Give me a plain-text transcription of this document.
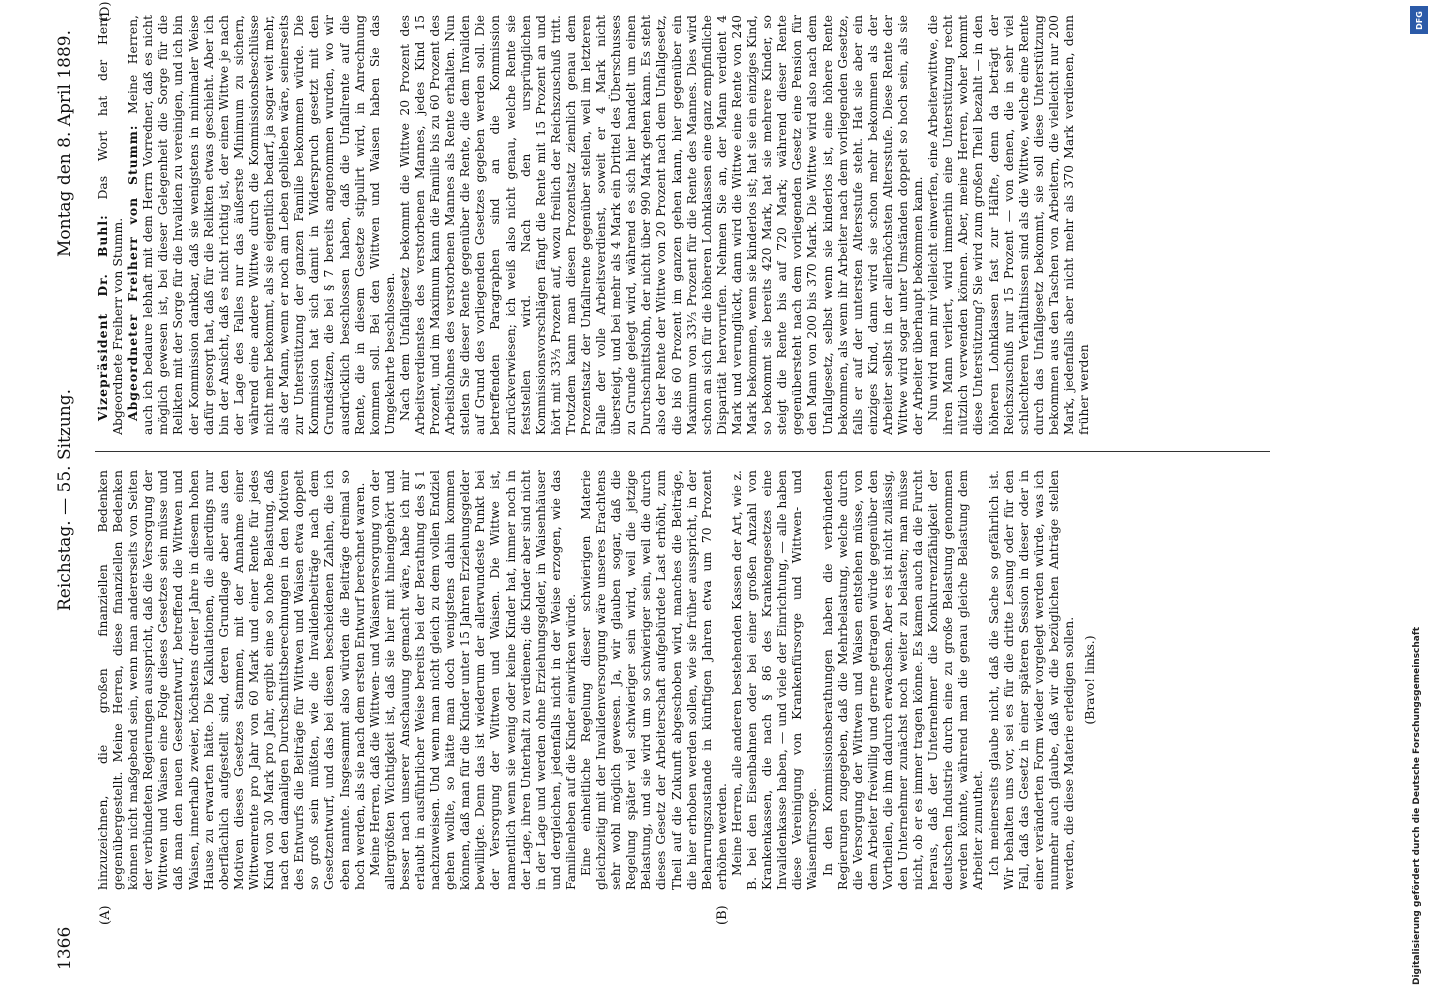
1366
Reichstag. — 55. Sitzung.
Montag den 8. April 1889.
(A)	(B)
(D)

hinzuzeichnen, die großen finanziellen Bedenken gegenübergestellt. Meine Herren, diese finanziellen Bedenken können nicht maßgebend sein, wenn man andererseits von Seiten der verbündeten Regierungen ausspricht, daß die Versorgung der Wittwen und Waisen eine Folge dieses Gesetzes sein müsse und daß man den neuen Gesetzentwurf, betreffend die Wittwen und Waisen, innerhalb zweier, höchstens dreier Jahre in diesem hohen Hause zu erwarten hätte. Die Kalkulationen, die allerdings nur oberflächlich aufgestellt sind, deren Grundlage aber aus den Motiven dieses Gesetzes stammen, mit der Annahme einer Wittwenrente pro Jahr von 60 Mark und einer Rente für jedes Kind von 30 Mark pro Jahr, ergibt eine so hohe Belastung, daß nach den damaligen Durchschnittsberechnungen in den Motiven des Entwurfs die Beiträge für Wittwen und Waisen etwa doppelt so groß sein müßten, wie die Invalidenbeiträge nach dem Gesetzentwurf, und das bei diesen bescheidenen Zahlen, die ich eben nannte. Insgesammt also würden die Beiträge dreimal so hoch werden, als sie nach dem ersten Entwurf berechnet waren. Meine Herren, daß die Wittwen- und Waisenversorgung von der allergrößten Wichtigkeit ist, daß sie hier mit hineingehört und besser nach unserer Anschauung gemacht wäre, habe ich mir erlaubt in ausführlicher Weise bereits bei der Berathung des § 1 nachzuweisen. Und wenn man nicht gleich zu dem vollen Endziel gehen wollte, so hätte man doch wenigstens dahin kommen können, daß man für die Kinder unter 15 Jahren Erziehungsgelder bewilligte. Denn das ist wiederum der allerwundeste Punkt bei der Versorgung der Wittwen und Waisen. Die Wittwe ist, namentlich wenn sie wenig oder keine Kinder hat, immer noch in der Lage, ihren Unterhalt zu verdienen; die Kinder aber sind nicht in der Lage und werden ohne Erziehungsgelder, in Waisenhäuser und dergleichen, jedenfalls nicht in der Weise erzogen, wie das Familienleben auf die Kinder einwirken würde. Eine einheitliche Regelung dieser schwierigen Materie gleichzeitig mit der Invalidenversorgung wäre unseres Erachtens sehr wohl möglich gewesen. Ja, wir glauben sogar, daß die Regelung später viel schwieriger sein wird, weil die jetzige Belastung, und sie wird um so schwieriger sein, weil die durch dieses Gesetz der Arbeiterschaft aufgebürdete Last erhöht, zum Theil auf die Zukunft abgeschoben wird, manches die Beiträge, die hier erhoben werden sollen, wie sie früher ausspricht, in der Beharrungszustande in künftigen Jahren etwa um 70 Prozent erhöhen werden. Meine Herren, alle anderen bestehenden Kassen der Art, wie z. B. bei den Eisenbahnen oder bei einer großen Anzahl von Krankenkassen, die nach § 86 des Krankengesetzes eine Invalidenkasse haben, — und viele der Einrichtung, — alle haben diese Vereinigung von Krankenfürsorge und Wittwen- und Waisenfürsorge. In den Kommissionsberathungen haben die verbündeten Regierungen zugegeben, daß die Mehrbelastung, welche durch die Versorgung der Wittwen und Waisen entstehen müsse, von dem Arbeiter freiwillig und gerne getragen würde gegenüber den Vortheilen, die ihm dadurch erwachsen. Aber es ist nicht zulässig, den Unternehmer zunächst noch weiter zu belasten; man müsse nicht, ob er es immer tragen könne. Es kamen auch da die Furcht heraus, daß der Unternehmer die Konkurrenzfähigkeit der deutschen Industrie durch eine zu große Belastung genommen werden könnte, während man die genau gleiche Belastung dem Arbeiter zumuthet. Ich meinerseits glaube nicht, daß die Sache so gefährlich ist. Wir behalten uns vor, sei es für die dritte Lesung oder für den Fall, daß das Gesetz in einer späteren Session in dieser oder in einer veränderten Form wieder vorgelegt werden würde, was ich nunmehr auch glaube, daß wir die bezüglichen Anträge stellen werden, die diese Materie erledigen sollen. (Bravo! links.)

Vizepräsident Dr. Buhl: Das Wort hat der Herr Abgeordnete Freiherr von Stumm. Abgeordneter Freiherr von Stumm: Meine Herren, auch ich bedaure lebhaft mit dem Herrn Vorredner, daß es nicht möglich gewesen ist, bei dieser Gelegenheit die Sorge für die Relikten mit der Sorge für die Invaliden zu vereinigen, und ich bin der Kommission dankbar, daß sie wenigstens in minimaler Weise dafür gesorgt hat, daß für die Relikten etwas geschieht. Aber ich bin der Ansicht, daß es nicht richtig ist, der einen Wittwe je nach der Lage des Falles nur das äußerste Minimum zu sichern, während eine andere Wittwe durch die Kommissionsbeschlüsse nicht mehr bekommt, als sie eigentlich bedarf, ja sogar weit mehr, als der Mann, wenn er noch am Leben geblieben wäre, seinerseits zur Unterstützung der ganzen Familie bekommen würde. Die Kommission hat sich damit in Widerspruch gesetzt mit den Grundsätzen, die bei § 7 bereits angenommen wurden, wo wir ausdrücklich beschlossen haben, daß die Unfallrente auf die Rente, die in diesem Gesetze stipulirt wird, in Anrechnung kommen soll. Bei den Wittwen und Waisen haben Sie das Umgekehrte beschlossen. Nach dem Unfallgesetz bekommt die Wittwe 20 Prozent des Arbeitsverdienstes des verstorbenen Mannes, jedes Kind 15 Prozent, und im Maximum kann die Familie bis zu 60 Prozent des Arbeitslohnes des verstorbenen Mannes als Rente erhalten. Nun stellen Sie dieser Rente gegenüber die Rente, die dem Invaliden auf Grund des vorliegenden Gesetzes gegeben werden soll. Die betreffenden Paragraphen sind an die Kommission zurückverwiesen; ich weiß also nicht genau, welche Rente sie feststellen wird. Nach den ursprünglichen Kommissionsvorschlägen fängt die Rente mit 15 Prozent an und hört mit 33⅓ Prozent auf, wozu freilich der Reichszuschuß tritt. Trotzdem kann man diesen Prozentsatz ziemlich genau dem Prozentsatz der Unfallrente gegenüber stellen, weil im letzteren Falle der volle Arbeitsverdienst, soweit er 4 Mark nicht übersteigt, und bei mehr als 4 Mark ein Drittel des Überschusses zu Grunde gelegt wird, während es sich hier handelt um einen Durchschnittslohn, der nicht über 990 Mark gehen kann. Es steht also der Rente der Wittwe von 20 Prozent nach dem Unfallgesetz, die bis 60 Prozent im ganzen gehen kann, hier gegenüber ein Maximum von 33⅓ Prozent für die Rente des Mannes. Dies wird schon an sich für die höheren Lohnklassen eine ganz empfindliche Disparität hervorrufen. Nehmen Sie an, der Mann verdient 4 Mark und verunglückt, dann wird die Wittwe eine Rente von 240 Mark bekommen, wenn sie kinderlos ist; hat sie ein einziges Kind, so bekommt sie bereits 420 Mark, hat sie mehrere Kinder, so steigt die Rente bis auf 720 Mark; während dieser Rente gegenübersteht nach dem vorliegenden Gesetz eine Pension für den Mann von 200 bis 370 Mark. Die Wittwe wird also nach dem Unfallgesetz, selbst wenn sie kinderlos ist, eine höhere Rente bekommen, als wenn ihr Arbeiter nach dem vorliegenden Gesetze, falls er auf der untersten Altersstufe steht. Hat sie aber ein einziges Kind, dann wird sie schon mehr bekommen als der Arbeiter selbst in der allerhöchsten Altersstufe. Diese Rente der Wittwe wird sogar unter Umständen doppelt so hoch sein, als sie der Arbeiter überhaupt bekommen kann. Nun wird man mir vielleicht einwerfen, eine Arbeiterwittwe, die ihren Mann verliert, wird immerhin eine Unterstützung recht nützlich verwenden können. Aber, meine Herren, woher kommt diese Unterstützung? Sie wird zum großen Theil bezahlt — in den höheren Lohnklassen fast zur Hälfte, denn da beträgt der Reichszuschuß nur 15 Prozent — von denen, die in sehr viel schlechteren Verhältnissen sind als die Wittwe, welche eine Rente durch das Unfallgesetz bekommt, sie soll diese Unterstützung bekommen aus den Taschen von Arbeitern, die vielleicht nur 200 Mark, jedenfalls aber nicht mehr als 370 Mark verdienen, denn früher werden

DFG
Digitalisierung gefördert durch die Deutsche Forschungsgemeinschaft
